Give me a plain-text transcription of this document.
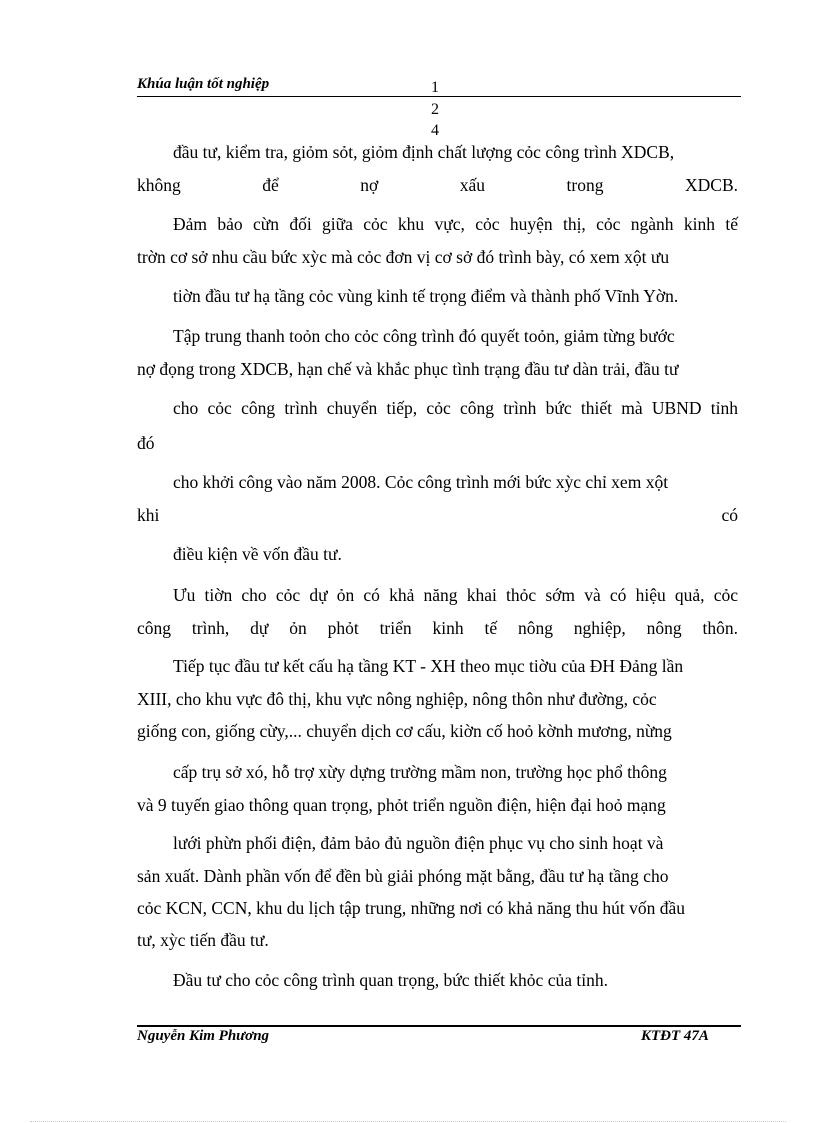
Khúa luận tốt nghiệp	1
2
4
đầu tư, kiểm tra, giỏm sỏt, giỏm định chất lượng cỏc công trình XDCB,
không để nợ xấu trong XDCB.
Đảm bảo cừn đối giữa cỏc khu vực, cỏc huyện thị, cỏc ngành kinh tế
trờn cơ sở nhu cầu bức xỳc mà cỏc đơn vị cơ sở đó trình bày, có xem xột ưu
tiờn đầu tư hạ tầng cỏc vùng kinh tế trọng điểm và thành phố Vĩnh Yờn.
Tập trung thanh toỏn cho cỏc công trình đó quyết toỏn, giảm từng bước
nợ đọng trong XDCB, hạn chế và khắc phục tình trạng đầu tư dàn trải, đầu tư
cho cỏc công trình chuyển tiếp, cỏc công trình bức thiết mà UBND tỉnh
đó
cho khởi công vào năm 2008. Cỏc công trình mới bức xỳc chỉ xem xột
khi có
điều kiện về vốn đầu tư.
Ưu tiờn cho cỏc dự ỏn có khả năng khai thỏc sớm và có hiệu quả, cỏc
công trình, dự ỏn phỏt triển kinh tế nông nghiệp, nông thôn.
Tiếp tục đầu tư kết cấu hạ tầng KT - XH theo mục tiờu của ĐH Đảng lần
XIII, cho khu vực đô thị, khu vực nông nghiệp, nông thôn như đường, cỏc
giống con, giống cừy,... chuyển dịch cơ cấu, kiờn cố hoỏ kờnh mương, nừng
cấp trụ sở xó, hỗ trợ xừy dựng trường mầm non, trường học phổ thông
và 9 tuyến giao thông quan trọng, phỏt triển nguồn điện, hiện đại hoỏ mạng
lưới phừn phối điện, đảm bảo đủ nguồn điện phục vụ cho sinh hoạt và
sản xuất. Dành phần vốn để đền bù giải phóng mặt bằng, đầu tư hạ tầng cho
cỏc KCN, CCN, khu du lịch tập trung, những nơi có khả năng thu hút vốn đầu
tư, xỳc tiến đầu tư.
Đầu tư cho cỏc công trình quan trọng, bức thiết khỏc của tỉnh.
Nguyễn Kim Phương	KTĐT 47A
